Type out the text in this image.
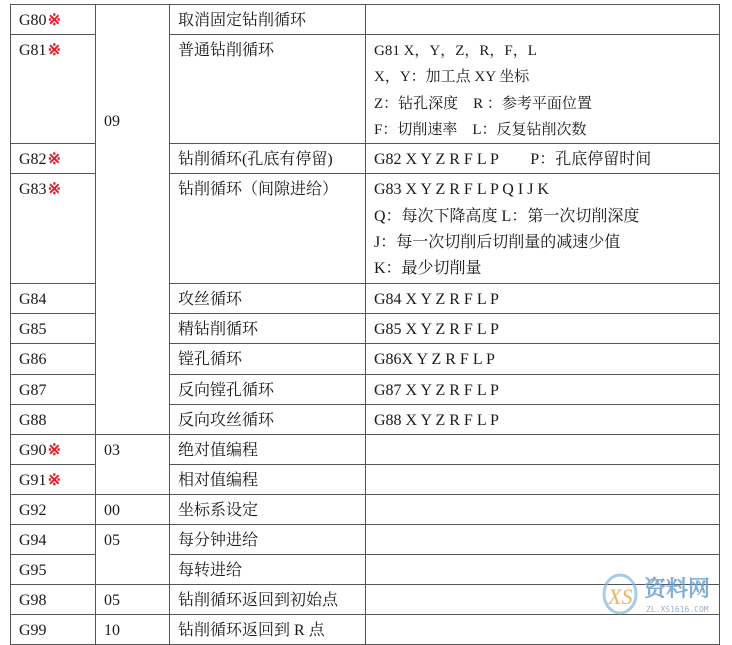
G80※	09	取消固定钻削循环	
G81※		普通钻削循环	G81 X，Y，Z，R，F，L
X，Y：加工点 XY 坐标
Z：钻孔深度　R ：参考平面位置
F：切削速率　L：反复钻削次数

G82※		钻削循环(孔底有停留)	G82 X Y Z R F L P　　P：孔底停留时间

G83※		钻削循环（间隙进给）	G83 X Y Z R F L P Q I J K
Q：每次下降高度 L：第一次切削深度
J：每一次切削后切削量的减速少值
K：最少切削量

G84		攻丝循环	G84 X Y Z R F L P

G85		精钻削循环	G85 X Y Z R F L P

G86		镗孔循环	G86X Y Z R F L P

G87		反向镗孔循环	G87 X Y Z R F L P

G88		反向攻丝循环	G88 X Y Z R F L P

G90※	03	绝对值编程	
G91※		相对值编程	
G92	00	坐标系设定	
G94	05	每分钟进给	
G95		每转进给	
G98	05	钻削循环返回到初始点	
G99	10	钻削循环返回到 R 点	
XS 资料网
ZL.XS1616.COM
